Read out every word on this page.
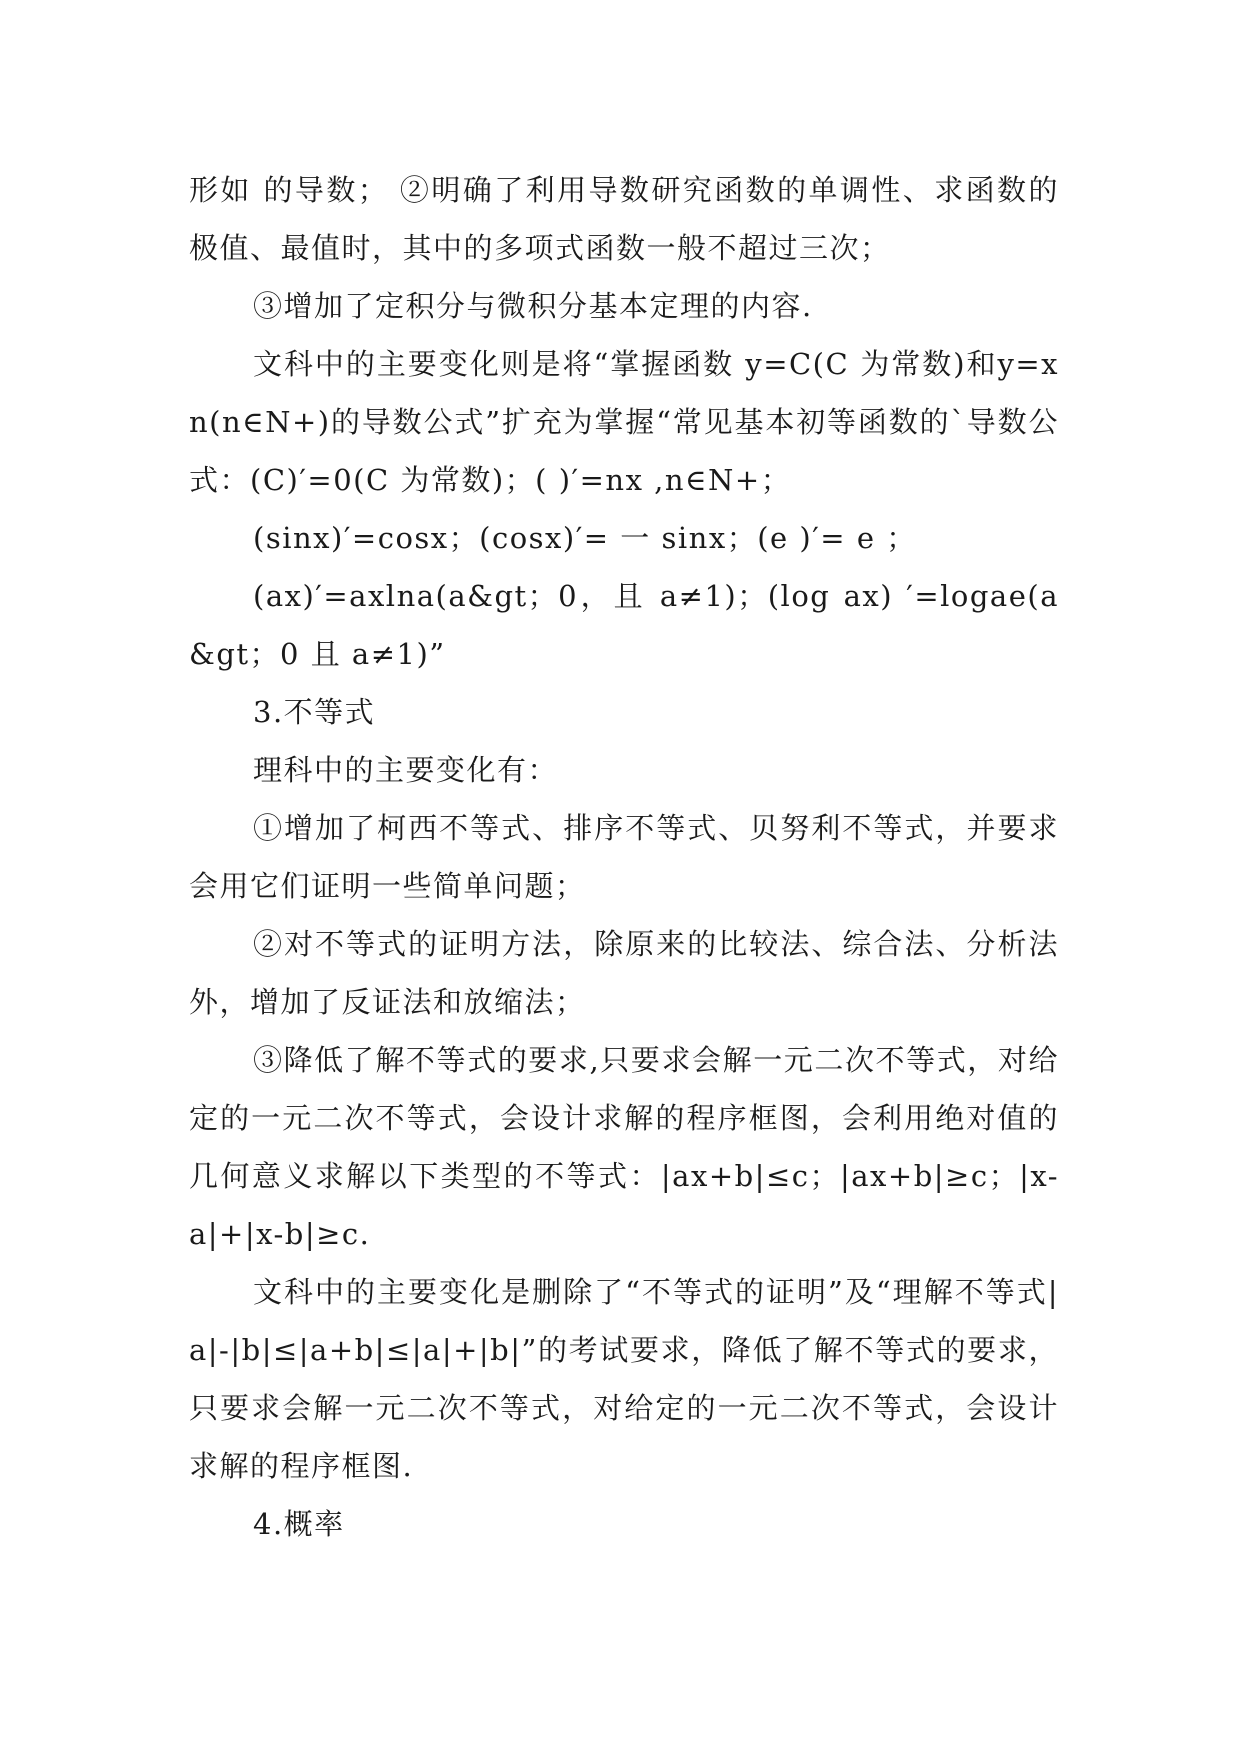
形如 的导数； ②明确了利用导数研究函数的单调性、求函数的极值、最值时，其中的多项式函数一般不超过三次；

③增加了定积分与微积分基本定理的内容.

文科中的主要变化则是将“掌握函数 y=C(C 为常数)和y=xn(n∈N+)的导数公式”扩充为掌握“常见基本初等函数的`导数公式：(C)′=0(C 为常数)；( )′=nx ,n∈N+；

(sinx)′=cosx；(cosx)′= 一 sinx；(e )′= e ；

(ax)′=axlna(a&gt；0，且 a≠1)；(log ax) ′=logae(a&gt；0 且 a≠1)”

3.不等式

理科中的主要变化有：

①增加了柯西不等式、排序不等式、贝努利不等式，并要求会用它们证明一些简单问题；

②对不等式的证明方法，除原来的比较法、综合法、分析法外，增加了反证法和放缩法；

③降低了解不等式的要求,只要求会解一元二次不等式，对给定的一元二次不等式，会设计求解的程序框图，会利用绝对值的几何意义求解以下类型的不等式：|ax+b|≤c；|ax+b|≥c；|x-a|+|x-b|≥c.

文科中的主要变化是删除了“不等式的证明”及“理解不等式|a|-|b|≤|a+b|≤|a|+|b|”的考试要求，降低了解不等式的要求，只要求会解一元二次不等式，对给定的一元二次不等式，会设计求解的程序框图.

4.概率
